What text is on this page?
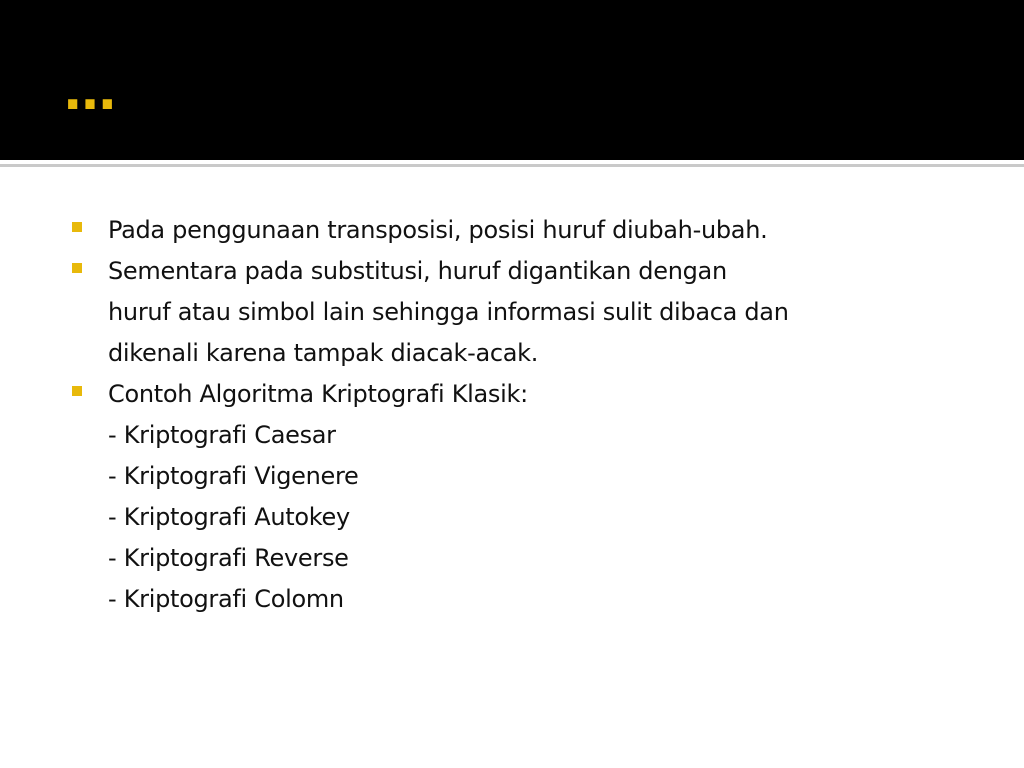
…
Pada penggunaan transposisi, posisi huruf diubah-ubah.
Sementara pada substitusi, huruf digantikan dengan
huruf atau simbol lain sehingga informasi sulit dibaca dan
dikenali karena tampak diacak-acak.
Contoh Algoritma Kriptografi Klasik:
- Kriptografi Caesar
- Kriptografi Vigenere
- Kriptografi Autokey
- Kriptografi Reverse
- Kriptografi Colomn
